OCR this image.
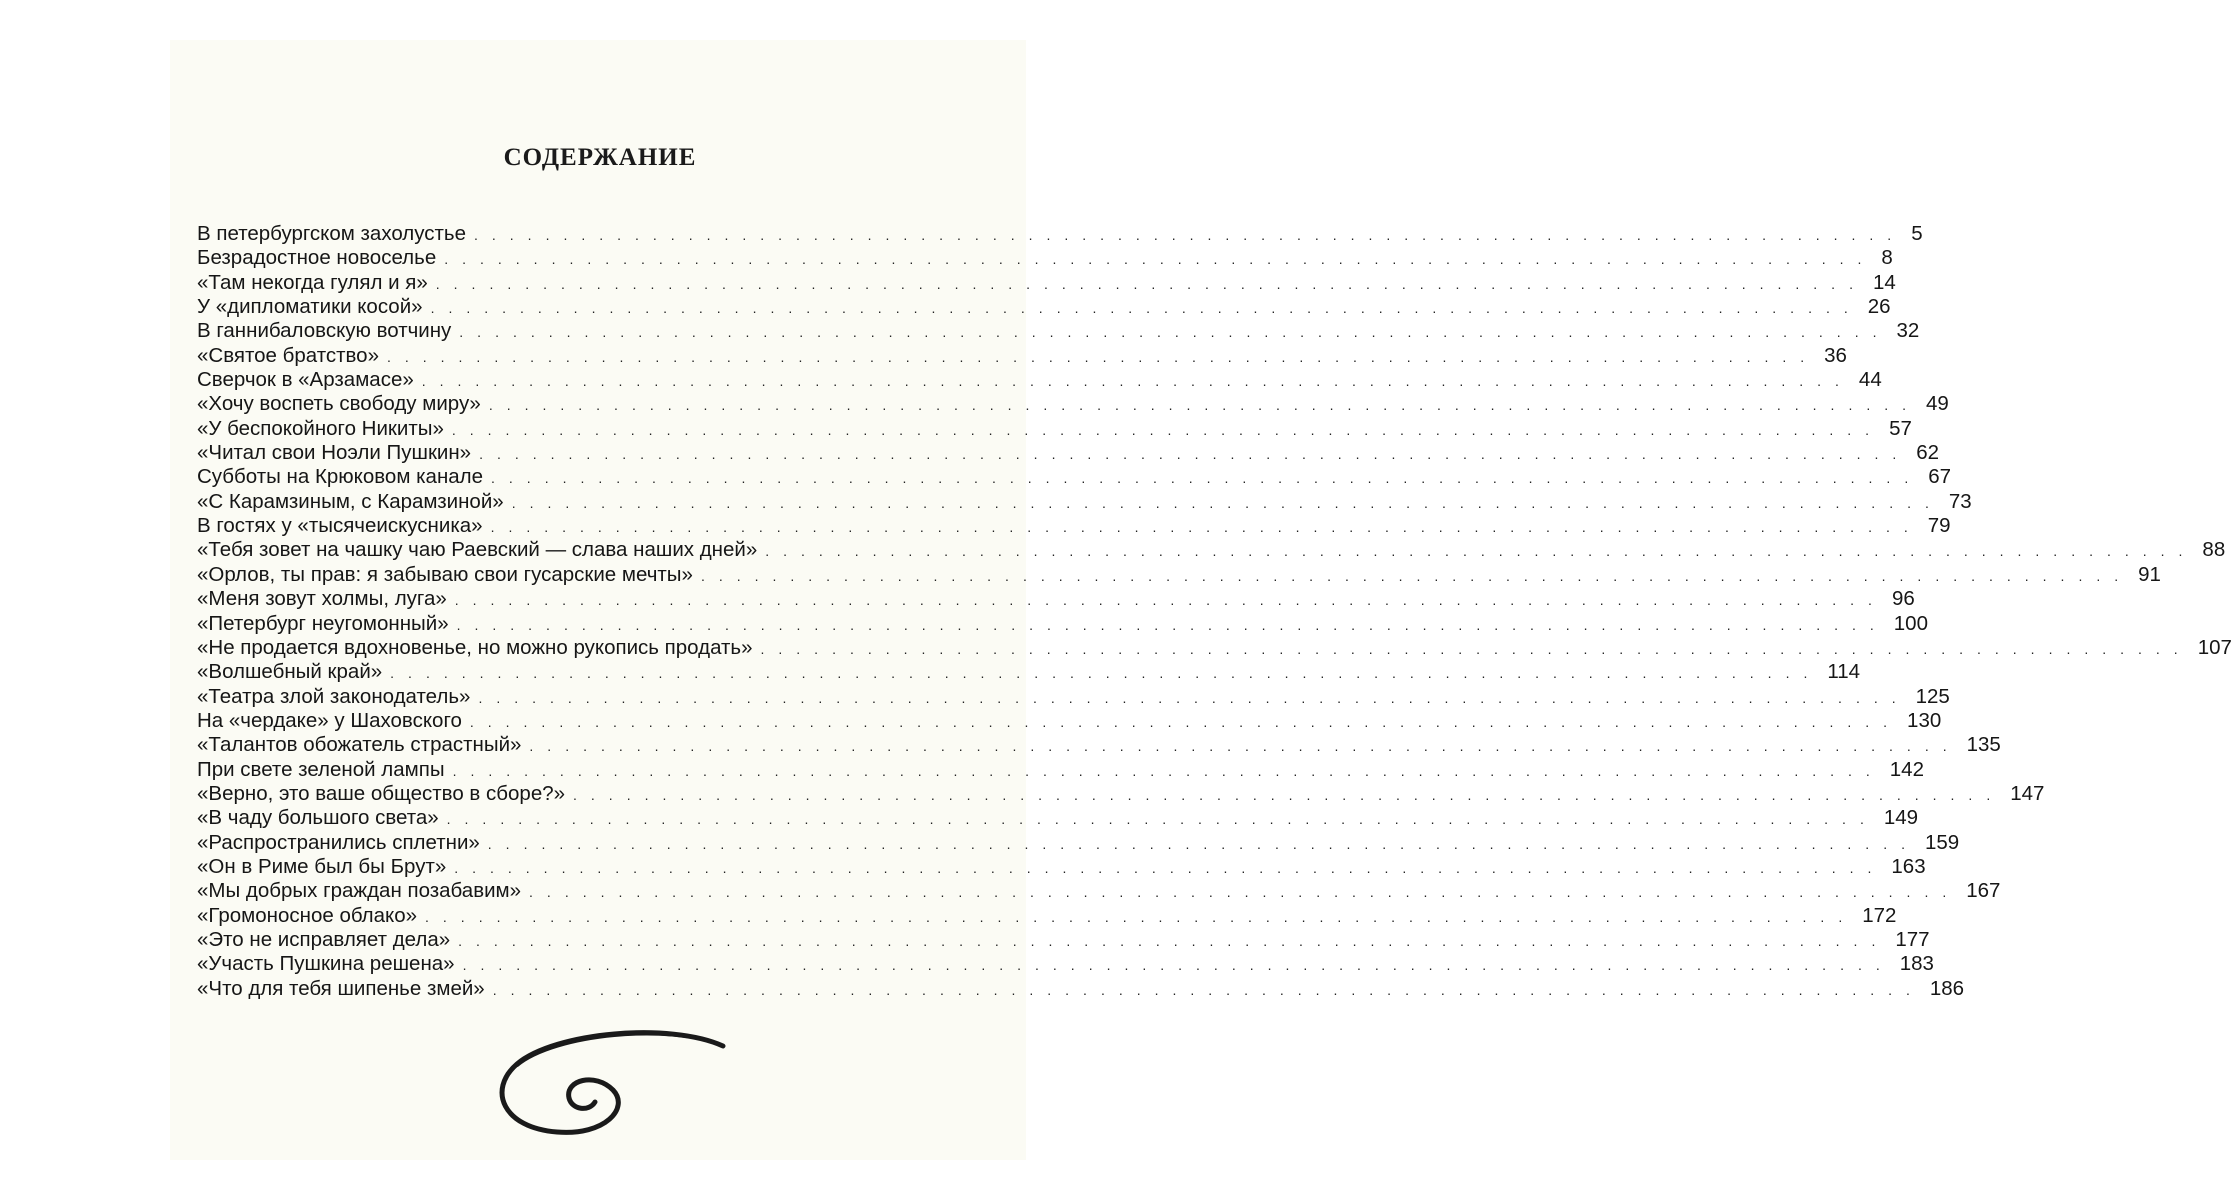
СОДЕРЖАНИЕ
В петербургском захолустье ................................................................................ 5
Безрадостное новоселье ................................................................................ 8
«Там некогда гулял и я» ................................................................................ 14
У «дипломатики косой» ................................................................................ 26
В ганнибаловскую вотчину ................................................................................ 32
«Святое братство» ................................................................................ 36
Сверчок в «Арзамасе» ................................................................................ 44
«Хочу воспеть свободу миру» ................................................................................ 49
«У беспокойного Никиты» ................................................................................ 57
«Читал свои Ноэли Пушкин» ................................................................................ 62
Субботы на Крюковом канале ................................................................................ 67
«С Карамзиным, с Карамзиной» ................................................................................ 73
В гостях у «тысячеискусника» ................................................................................ 79
«Тебя зовет на чашку чаю Раевский — слава наших дней» ................................................................................ 88
«Орлов, ты прав: я забываю свои гусарские мечты» ................................................................................ 91
«Меня зовут холмы, луга» ................................................................................ 96
«Петербург неугомонный» ................................................................................ 100
«Не продается вдохновенье, но можно рукопись продать» ................................................................................ 107
«Волшебный край» ................................................................................ 114
«Театра злой законодатель» ................................................................................ 125
На «чердаке» у Шаховского ................................................................................ 130
«Талантов обожатель страстный» ................................................................................ 135
При свете зеленой лампы ................................................................................ 142
«Верно, это ваше общество в сборе?» ................................................................................ 147
«В чаду большого света» ................................................................................ 149
«Распространились сплетни» ................................................................................ 159
«Он в Риме был бы Брут» ................................................................................ 163
«Мы добрых граждан позабавим» ................................................................................ 167
«Громоносное облако» ................................................................................ 172
«Это не исправляет дела» ................................................................................ 177
«Участь Пушкина решена» ................................................................................ 183
«Что для тебя шипенье змей» ................................................................................ 186
